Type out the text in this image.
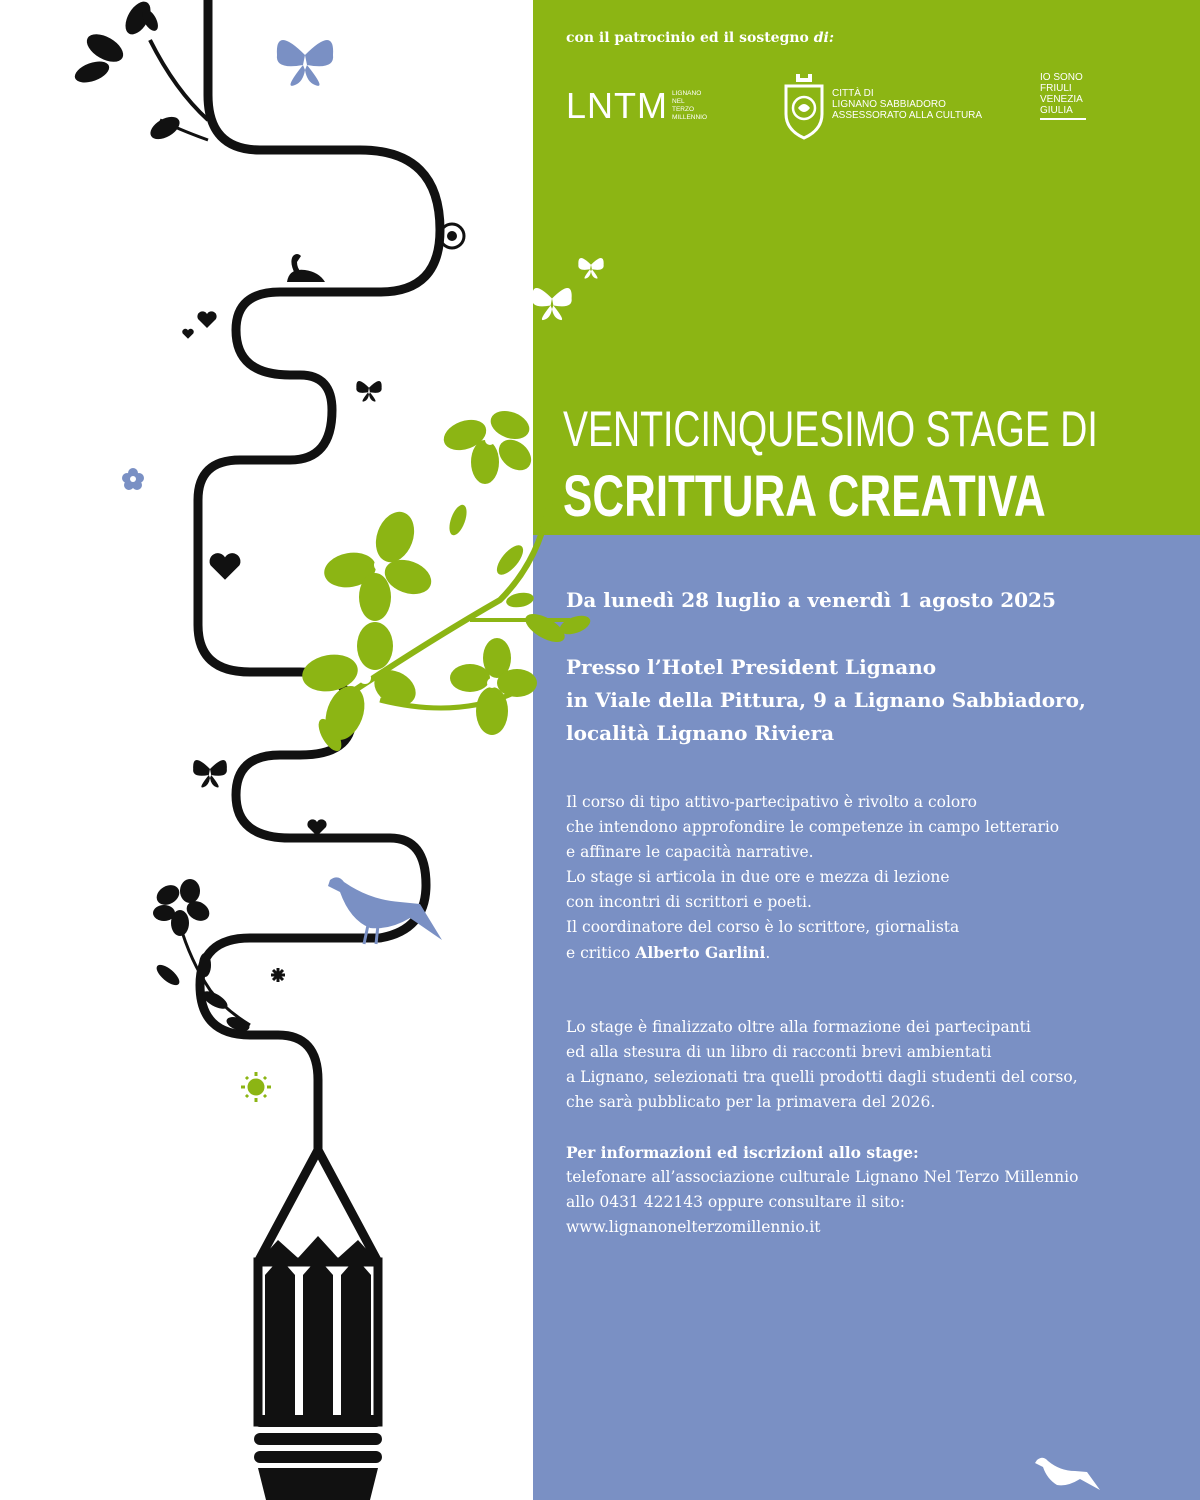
con il patrocinio ed il sostegno di:
LNTM LIGNANO
NEL
TERZO
MILLENNIO
CITTÀ DI
LIGNANO SABBIADORO
ASSESSORATO ALLA CULTURA
IO SONO
FRIULI
VENEZIA
GIULIA
VENTICINQUESIMO STAGE DI
SCRITTURA CREATIVA
Da lunedì 28 luglio a venerdì 1 agosto 2025
Presso l’Hotel President Lignano
in Viale della Pittura, 9 a Lignano Sabbiadoro,
località Lignano Riviera
Il corso di tipo attivo-partecipativo è rivolto a coloro
che intendono approfondire le competenze in campo letterario
e affinare le capacità narrative.
Lo stage si articola in due ore e mezza di lezione
con incontri di scrittori e poeti.
Il coordinatore del corso è lo scrittore, giornalista
e critico Alberto Garlini.
Lo stage è finalizzato oltre alla formazione dei partecipanti
ed alla stesura di un libro di racconti brevi ambientati
a Lignano, selezionati tra quelli prodotti dagli studenti del corso,
che sarà pubblicato per la primavera del 2026.
Per informazioni ed iscrizioni allo stage:
telefonare all’associazione culturale Lignano Nel Terzo Millennio
allo 0431 422143 oppure consultare il sito:
www.lignanonelterzomillennio.it
